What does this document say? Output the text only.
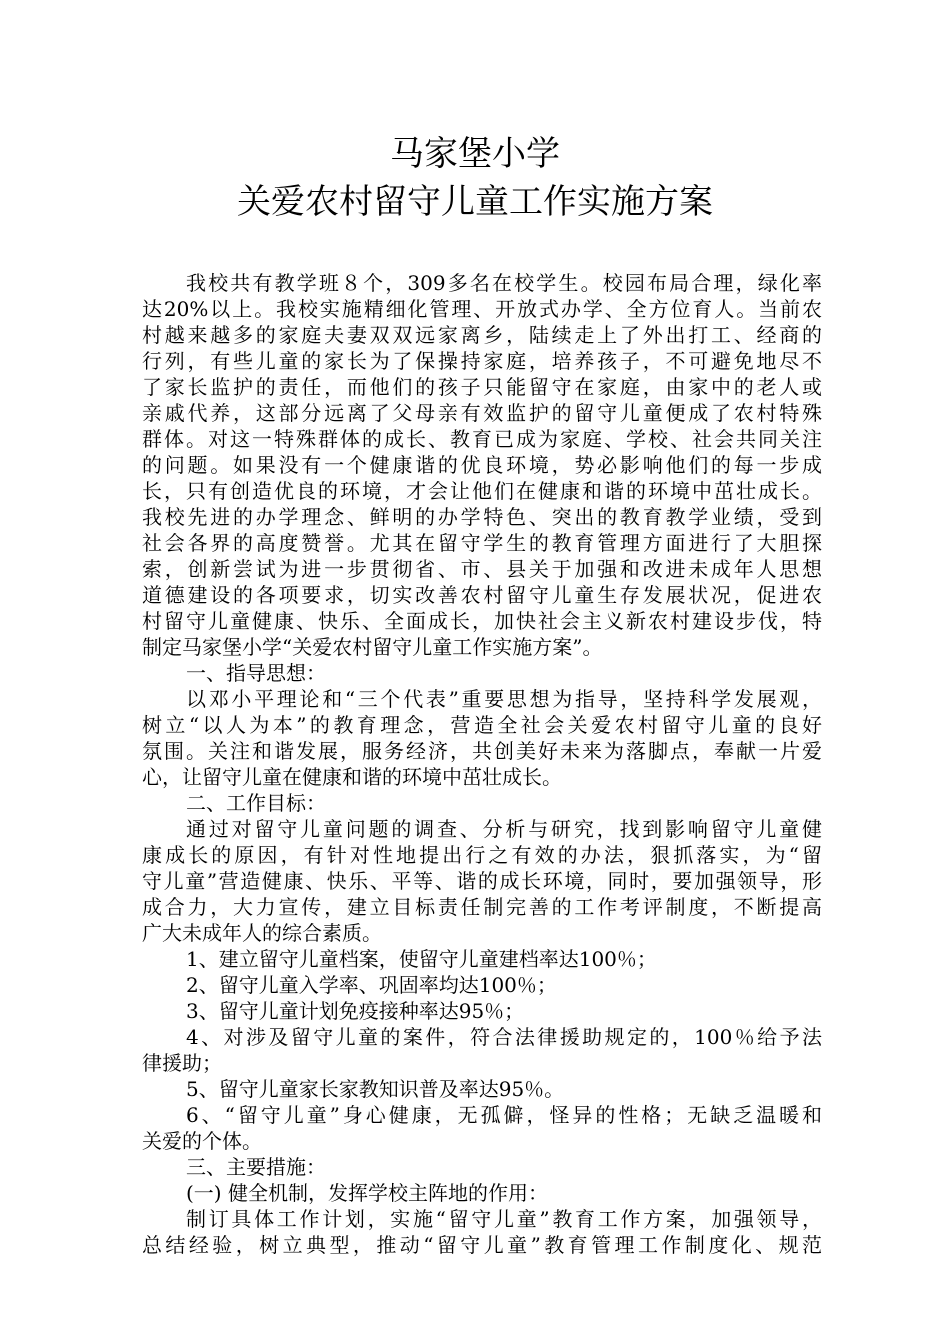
马家堡小学
关爱农村留守儿童工作实施方案
我校共有教学班８个，309多名在校学生。校园布局合理，绿化率
达20%以上。我校实施精细化管理、开放式办学、全方位育人。当前农
村越来越多的家庭夫妻双双远家离乡，陆续走上了外出打工、经商的
行列，有些儿童的家长为了保操持家庭，培养孩子，不可避免地尽不
了家长监护的责任，而他们的孩子只能留守在家庭，由家中的老人或
亲戚代养，这部分远离了父母亲有效监护的留守儿童便成了农村特殊
群体。对这一特殊群体的成长、教育已成为家庭、学校、社会共同关注
的问题。如果没有一个健康谐的优良环境，势必影响他们的每一步成
长，只有创造优良的环境，才会让他们在健康和谐的环境中茁壮成长。
我校先进的办学理念、鲜明的办学特色、突出的教育教学业绩，受到
社会各界的高度赞誉。尤其在留守学生的教育管理方面进行了大胆探
索，创新尝试为进一步贯彻省、市、县关于加强和改进未成年人思想
道德建设的各项要求，切实改善农村留守儿童生存发展状况，促进农
村留守儿童健康、快乐、全面成长，加快社会主义新农村建设步伐，特
制定马家堡小学“关爱农村留守儿童工作实施方案”。
一、指导思想：
以邓小平理论和“三个代表”重要思想为指导，坚持科学发展观，
树立“以人为本”的教育理念，营造全社会关爱农村留守儿童的良好
氛围。关注和谐发展，服务经济，共创美好未来为落脚点，奉献一片爱
心，让留守儿童在健康和谐的环境中茁壮成长。
二、工作目标：
通过对留守儿童问题的调查、分析与研究，找到影响留守儿童健
康成长的原因，有针对性地提出行之有效的办法，狠抓落实，为“留
守儿童”营造健康、快乐、平等、谐的成长环境，同时，要加强领导，形
成合力，大力宣传，建立目标责任制完善的工作考评制度，不断提高
广大未成年人的综合素质。
1、建立留守儿童档案，使留守儿童建档率达100％；
2、留守儿童入学率、巩固率均达100％；
3、留守儿童计划免疫接种率达95％；
4、对涉及留守儿童的案件，符合法律援助规定的，100％给予法
律援助；
5、留守儿童家长家教知识普及率达95％。
6、“留守儿童”身心健康，无孤僻，怪异的性格；无缺乏温暖和
关爱的个体。
三、主要措施：
(一) 健全机制，发挥学校主阵地的作用：
制订具体工作计划，实施“留守儿童”教育工作方案，加强领导，
总结经验，树立典型，推动“留守儿童”教育管理工作制度化、规范
